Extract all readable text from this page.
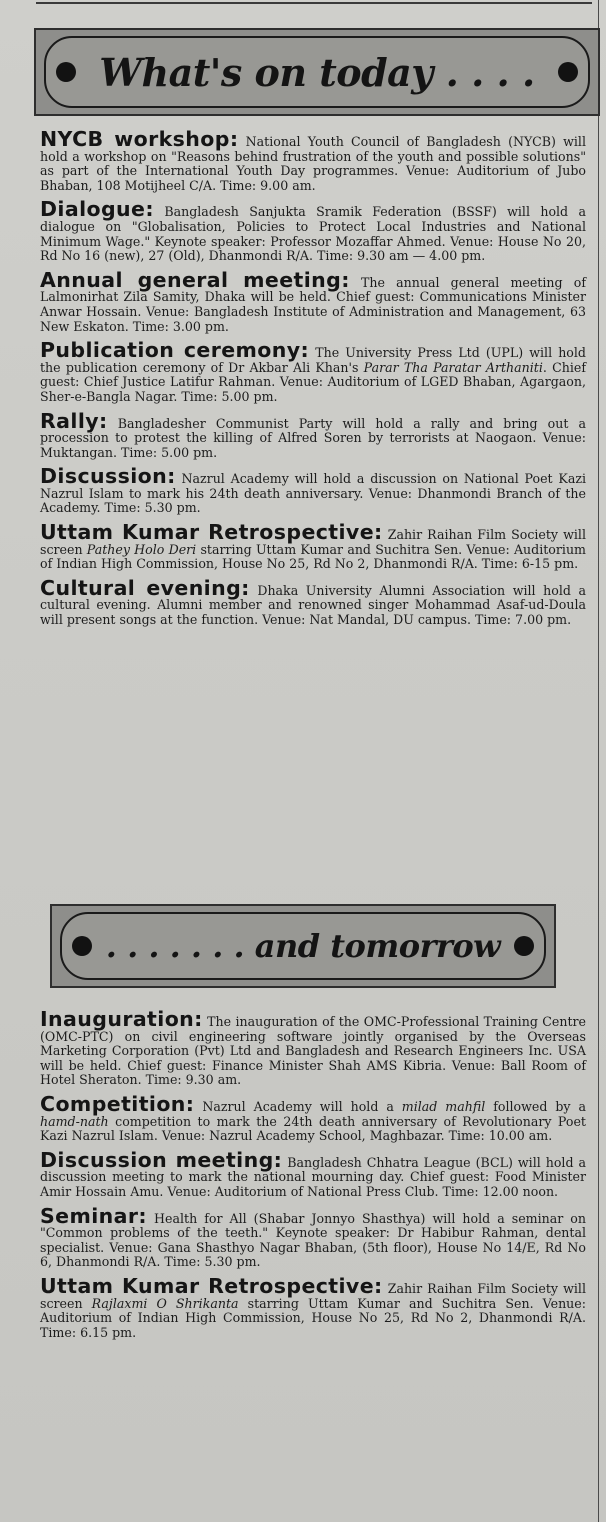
What's on today . . . .

NYCB workshop: National Youth Council of Bangladesh (NYCB) will hold a workshop on "Reasons behind frustration of the youth and possible solutions" as part of the International Youth Day programmes. Venue: Auditorium of Jubo Bhaban, 108 Motijheel C/A. Time: 9.00 am.

Dialogue: Bangladesh Sanjukta Sramik Federation (BSSF) will hold a dialogue on "Globalisation, Policies to Protect Local Industries and National Minimum Wage." Keynote speaker: Professor Mozaffar Ahmed. Venue: House No 20, Rd No 16 (new), 27 (Old), Dhanmondi R/A. Time: 9.30 am — 4.00 pm.

Annual general meeting: The annual general meeting of Lalmonirhat Zila Samity, Dhaka will be held. Chief guest: Communications Minister Anwar Hossain. Venue: Bangladesh Institute of Administration and Management, 63 New Eskaton. Time: 3.00 pm.

Publication ceremony: The University Press Ltd (UPL) will hold the publication ceremony of Dr Akbar Ali Khan's Parar Tha Paratar Arthaniti. Chief guest: Chief Justice Latifur Rahman. Venue: Auditorium of LGED Bhaban, Agargaon, Sher-e-Bangla Nagar. Time: 5.00 pm.

Rally: Bangladesher Communist Party will hold a rally and bring out a procession to protest the killing of Alfred Soren by terrorists at Naogaon. Venue: Muktangan. Time: 5.00 pm.

Discussion: Nazrul Academy will hold a discussion on National Poet Kazi Nazrul Islam to mark his 24th death anniversary. Venue: Dhanmondi Branch of the Academy. Time: 5.30 pm.

Uttam Kumar Retrospective: Zahir Raihan Film Society will screen Pathey Holo Deri starring Uttam Kumar and Suchitra Sen. Venue: Auditorium of Indian High Commission, House No 25, Rd No 2, Dhanmondi R/A. Time: 6-15 pm.

Cultural evening: Dhaka University Alumni Association will hold a cultural evening. Alumni member and renowned singer Mohammad Asaf-ud-Doula will present songs at the function. Venue: Nat Mandal, DU campus. Time: 7.00 pm.

. . . . . . . and tomorrow

Inauguration: The inauguration of the OMC-Professional Training Centre (OMC-PTC) on civil engineering software jointly organised by the Overseas Marketing Corporation (Pvt) Ltd and Bangladesh and Research Engineers Inc. USA will be held. Chief guest: Finance Minister Shah AMS Kibria. Venue: Ball Room of Hotel Sheraton. Time: 9.30 am.

Competition: Nazrul Academy will hold a milad mahfil followed by a hamd-nath competition to mark the 24th death anniversary of Revolutionary Poet Kazi Nazrul Islam. Venue: Nazrul Academy School, Maghbazar. Time: 10.00 am.

Discussion meeting: Bangladesh Chhatra League (BCL) will hold a discussion meeting to mark the national mourning day. Chief guest: Food Minister Amir Hossain Amu. Venue: Auditorium of National Press Club. Time: 12.00 noon.

Seminar: Health for All (Shabar Jonnyo Shasthya) will hold a seminar on "Common problems of the teeth." Keynote speaker: Dr Habibur Rahman, dental specialist. Venue: Gana Shasthyo Nagar Bhaban, (5th floor), House No 14/E, Rd No 6, Dhanmondi R/A. Time: 5.30 pm.

Uttam Kumar Retrospective: Zahir Raihan Film Society will screen Rajlaxmi O Shrikanta starring Uttam Kumar and Suchitra Sen. Venue: Auditorium of Indian High Commission, House No 25, Rd No 2, Dhanmondi R/A. Time: 6.15 pm.
